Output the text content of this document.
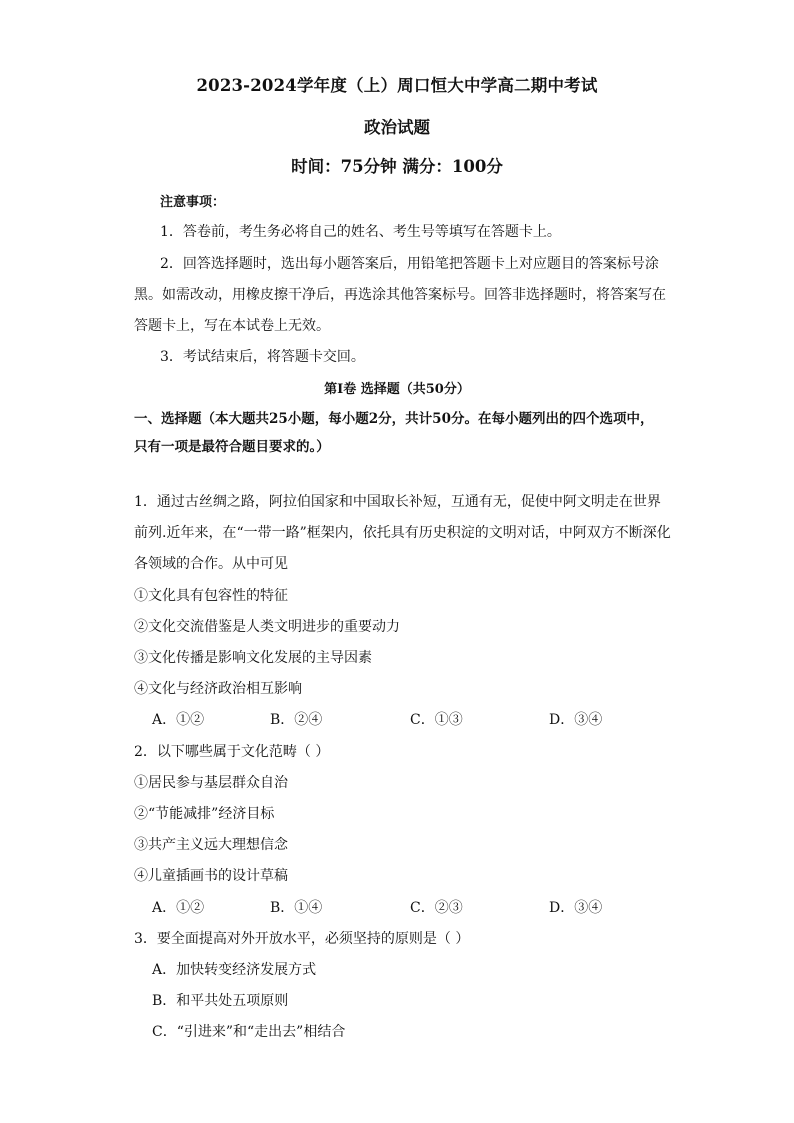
2023-2024学年度（上）周口恒大中学高二期中考试
政治试题
时间：75分钟 满分：100分
注意事项：
1．答卷前，考生务必将自己的姓名、考生号等填写在答题卡上。
2．回答选择题时，选出每小题答案后，用铅笔把答题卡上对应题目的答案标号涂
黑。如需改动，用橡皮擦干净后，再选涂其他答案标号。回答非选择题时，将答案写在
答题卡上，写在本试卷上无效。
3．考试结束后，将答题卡交回。
第Ⅰ卷 选择题（共50分）
一、选择题（本大题共25小题，每小题2分，共计50分。在每小题列出的四个选项中，
只有一项是最符合题目要求的。）
1．通过古丝绸之路，阿拉伯国家和中国取长补短，互通有无，促使中阿文明走在世界
前列.近年来，在“一带一路”框架内，依托具有历史积淀的文明对话，中阿双方不断深化
各领域的合作。从中可见
①文化具有包容性的特征
②文化交流借鉴是人类文明进步的重要动力
③文化传播是影响文化发展的主导因素
④文化与经济政治相互影响
A．①②	B．②④	C．①③	D．③④
2．以下哪些属于文化范畴（ ）
①居民参与基层群众自治
②“节能减排”经济目标
③共产主义远大理想信念
④儿童插画书的设计草稿
A．①②	B．①④	C．②③	D．③④
3．要全面提高对外开放水平，必须坚持的原则是（ ）
A．加快转变经济发展方式
B．和平共处五项原则
C．“引进来”和“走出去”相结合
